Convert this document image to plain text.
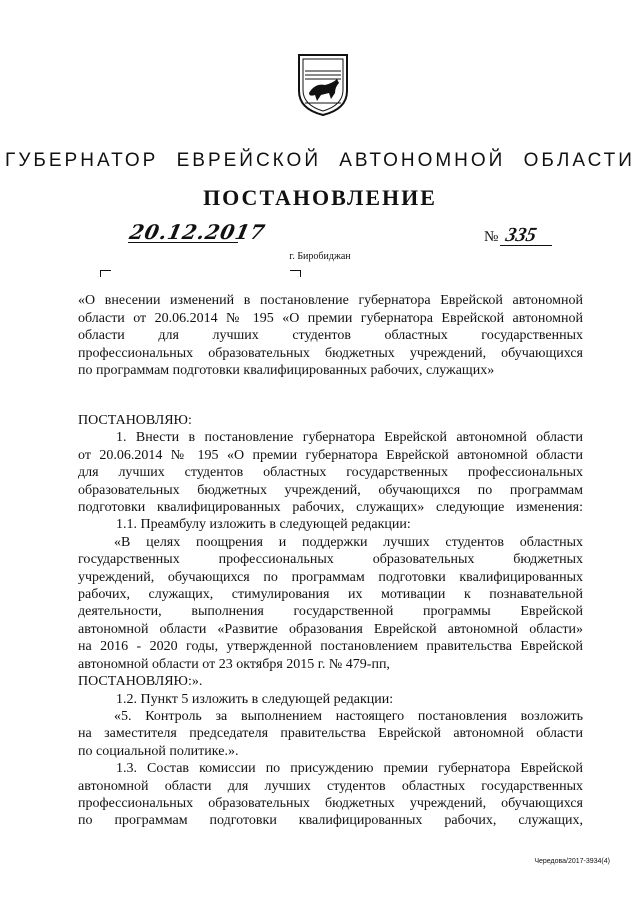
ГУБЕРНАТОР ЕВРЕЙСКОЙ АВТОНОМНОЙ ОБЛАСТИ
ПОСТАНОВЛЕНИЕ
20.12.2017	№ 335
г. Биробиджан
«О внесении изменений в постановление губернатора Еврейской автономной
области от 20.06.2014 № 195 «О премии губернатора Еврейской автономной
области для лучших студентов областных государственных
профессиональных образовательных бюджетных учреждений, обучающихся
по программам подготовки квалифицированных рабочих, служащих»
ПОСТАНОВЛЯЮ:
1. Внести в постановление губернатора Еврейской автономной области
от 20.06.2014 № 195 «О премии губернатора Еврейской автономной области
для лучших студентов областных государственных профессиональных
образовательных бюджетных учреждений, обучающихся по программам
подготовки квалифицированных рабочих, служащих» следующие изменения:
1.1. Преамбулу изложить в следующей редакции:
«В целях поощрения и поддержки лучших студентов областных
государственных профессиональных образовательных бюджетных
учреждений, обучающихся по программам подготовки квалифицированных
рабочих, служащих, стимулирования их мотивации к познавательной
деятельности, выполнения государственной программы Еврейской
автономной области «Развитие образования Еврейской автономной области»
на 2016 - 2020 годы, утвержденной постановлением правительства Еврейской
автономной области от 23 октября 2015 г. № 479-пп,
ПОСТАНОВЛЯЮ:».
1.2. Пункт 5 изложить в следующей редакции:
«5. Контроль за выполнением настоящего постановления возложить
на заместителя председателя правительства Еврейской автономной области
по социальной политике.».
1.3. Состав комиссии по присуждению премии губернатора Еврейской
автономной области для лучших студентов областных государственных
профессиональных образовательных бюджетных учреждений, обучающихся
по программам подготовки квалифицированных рабочих, служащих,
Чередова/2017-3934(4)
